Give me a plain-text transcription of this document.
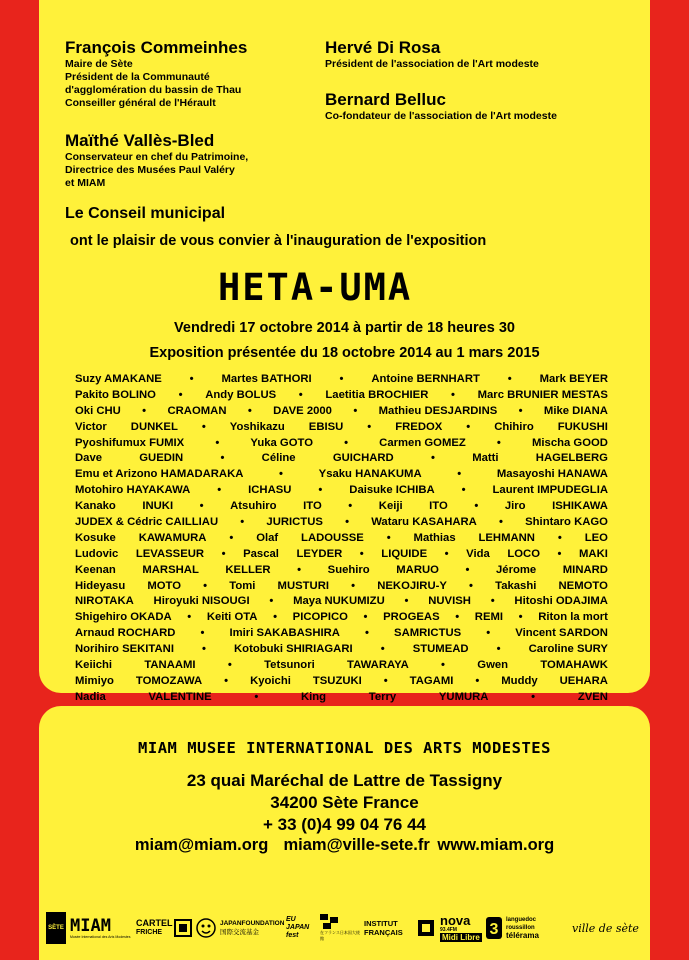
François Commeinhes
Maire de Sète
Président de la Communauté
d'agglomération du bassin de Thau
Conseiller général de l'Hérault
Maïthé Vallès-Bled
Conservateur en chef du Patrimoine,
Directrice des Musées Paul Valéry
et MIAM
Hervé Di Rosa
Président de l'association de l'Art modeste
Bernard Belluc
Co-fondateur de l'association de l'Art modeste
Le Conseil municipal
ont le plaisir de vous convier à l'inauguration de l'exposition
HETA-UMA
Vendredi 17 octobre 2014 à partir de 18 heures 30
Exposition présentée du 18 octobre 2014 au 1 mars 2015
Suzy AMAKANE • Martes BATHORI • Antoine BERNHART • Mark BEYER
Pakito BOLINO • Andy BOLUS • Laetitia BROCHIER • Marc BRUNIER MESTAS
Oki CHU • CRAOMAN • DAVE 2000 • Mathieu DESJARDINS • Mike DIANA
Victor DUNKEL • Yoshikazu EBISU • FREDOX • Chihiro FUKUSHI
Pyoshifumux FUMIX	•	Yuka GOTO	•	Carmen GOMEZ	•	Mischa GOOD
Dave	GUEDIN	•	Céline	GUICHARD	•	Matti	HAGELBERG
Emu et Arizono HAMADARAKA	•	Ysaku HANAKUMA	•	Masayoshi HANAWA
Motohiro HAYAKAWA • ICHASU • Daisuke ICHIBA • Laurent IMPUDEGLIA
Kanako INUKI • Atsuhiro ITO • Keiji ITO • Jiro ISHIKAWA
JUDEX & Cédric CAILLIAU • JURICTUS • Wataru KASAHARA • Shintaro KAGO
Kosuke KAWAMURA • Olaf LADOUSSE • Mathias LEHMANN • LEO
Ludovic LEVASSEUR • Pascal LEYDER • LIQUIDE • Vida LOCO • MAKI
Keenan MARSHAL KELLER • Suehiro MARUO • Jérome MINARD
Hideyasu MOTO • Tomi MUSTURI • NEKOJIRU-Y • Takashi NEMOTO
NIROTAKA Hiroyuki NISOUGI • Maya NUKUMIZU • NUVISH • Hitoshi ODAJIMA
Shigehiro OKADA • Keiti OTA • PICOPICO • PROGEAS • REMI • Riton la mort
Arnaud ROCHARD • Imiri SAKABASHIRA • SAMRICTUS • Vincent SARDON
Norihiro SEKITANI • Kotobuki SHIRIAGARI • STUMEAD • Caroline SURY
Keiichi	TANAAMI	•	Tetsunori	TAWARAYA	•	Gwen	TOMAHAWK
Mimiyo TOMOZAWA • Kyoichi TSUZUKI • TAGAMI • Muddy UEHARA
Nadia	VALENTINE	•	King	Terry	YUMURA	•	ZVEN
MIAM MUSEE INTERNATIONAL DES ARTS MODESTES
23 quai Maréchal de Lattre de Tassigny
34200 Sète France
+ 33 (0)4 99 04 76 44
miam@miam.org miam@ville-sete.fr www.miam.org
SÈTE MIAM
Musée International des Arts Modestes
CARTEL
FRICHE
JAPANFOUNDATION
国際交流基金
EU
JAPAN
fest	在フランス日本国大使館
INSTITUT
FRANÇAIS
nova
93.4FM
Midi Libre 3
languedoc
roussillon
télérama
ville de sète
